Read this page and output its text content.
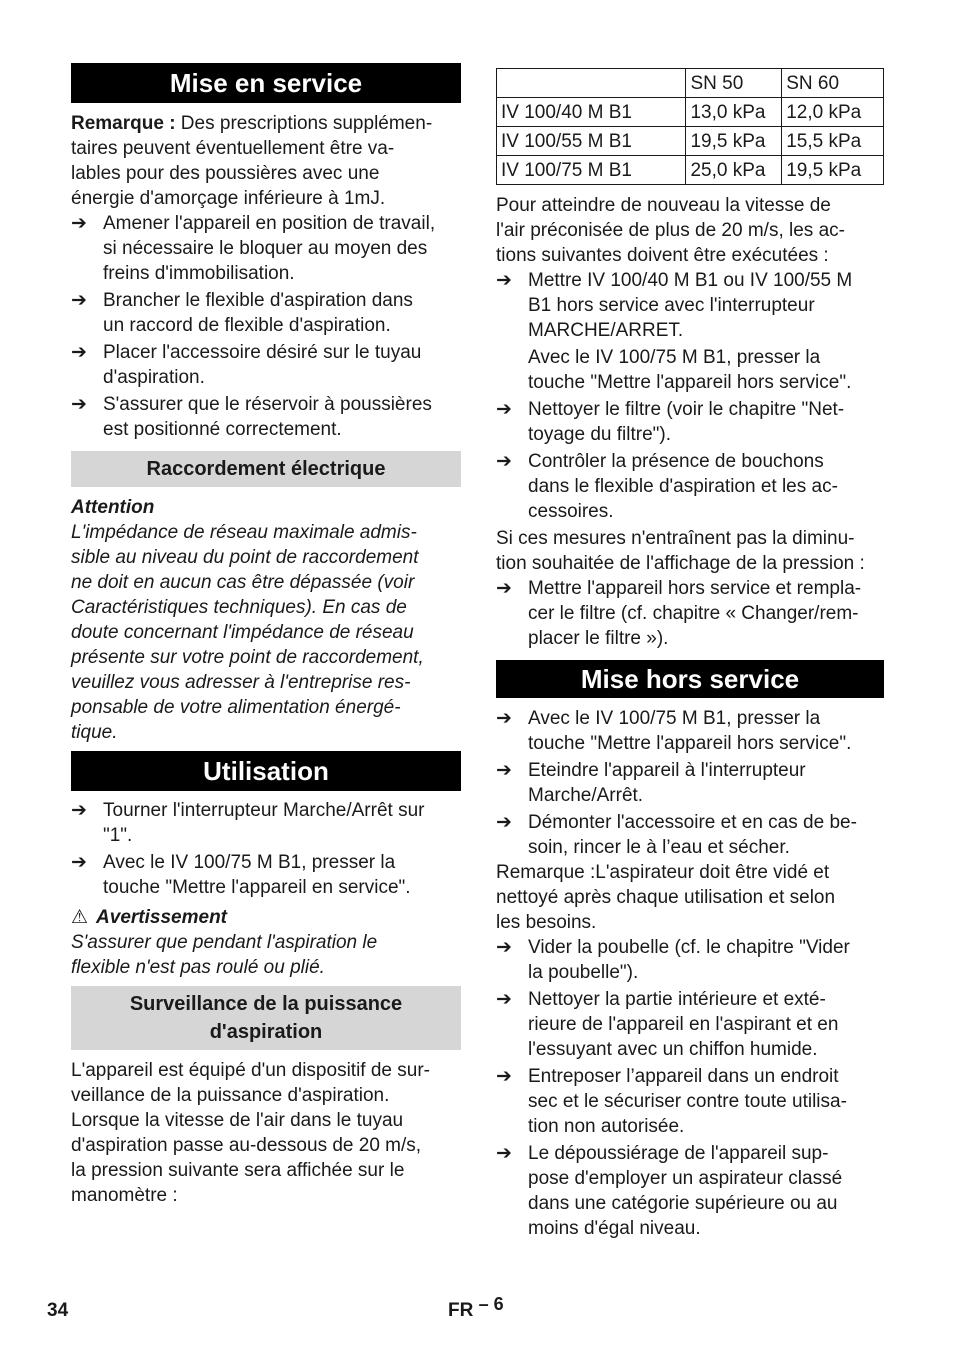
Mise en service

Remarque : Des prescriptions supplémen-
taires peuvent éventuellement être va-
lables pour des poussières avec une
énergie d'amorçage inférieure à 1mJ.

➔ Amener l'appareil en position de travail,
si nécessaire le bloquer au moyen des
freins d'immobilisation.
➔ Brancher le flexible d'aspiration dans
un raccord de flexible d'aspiration.
➔ Placer l'accessoire désiré sur le tuyau
d'aspiration.
➔ S'assurer que le réservoir à poussières
est positionné correctement.
Raccordement électrique

Attention

L'impédance de réseau maximale admis-
sible au niveau du point de raccordement
ne doit en aucun cas être dépassée (voir
Caractéristiques techniques). En cas de
doute concernant l'impédance de réseau
présente sur votre point de raccordement,
veuillez vous adresser à l'entreprise res-
ponsable de votre alimentation énergé-
tique.

Utilisation
➔ Tourner l'interrupteur Marche/Arrêt sur
"1".
➔ Avec le IV 100/75 M B1, presser la
touche "Mettre l'appareil en service".

⚠ Avertissement

S'assurer que pendant l'aspiration le
flexible n'est pas roulé ou plié.

Surveillance de la puissance
d'aspiration

L'appareil est équipé d'un dispositif de sur-
veillance de la puissance d'aspiration.
Lorsque la vitesse de l'air dans le tuyau
d'aspiration passe au-dessous de 20 m/s,
la pression suivante sera affichée sur le
manomètre :

	SN 50	SN 60
IV 100/40 M B1	13,0 kPa	12,0 kPa
IV 100/55 M B1	19,5 kPa	15,5 kPa
IV 100/75 M B1	25,0 kPa	19,5 kPa

Pour atteindre de nouveau la vitesse de
l'air préconisée de plus de 20 m/s, les ac-
tions suivantes doivent être exécutées :

➔ Mettre IV 100/40 M B1 ou IV 100/55 M
B1 hors service avec l'interrupteur
MARCHE/ARRET.
Avec le IV 100/75 M B1, presser la
touche "Mettre l'appareil hors service".
➔ Nettoyer le filtre (voir le chapitre "Net-
toyage du filtre").
➔ Contrôler la présence de bouchons
dans le flexible d'aspiration et les ac-
cessoires.

Si ces mesures n'entraînent pas la diminu-
tion souhaitée de l'affichage de la pression :

➔ Mettre l'appareil hors service et rempla-
cer le filtre (cf. chapitre « Changer/rem-
placer le filtre »).
Mise hors service
➔ Avec le IV 100/75 M B1, presser la
touche "Mettre l'appareil hors service".
➔ Eteindre l'appareil à l'interrupteur
Marche/Arrêt.
➔ Démonter l'accessoire et en cas de be-
soin, rincer le à l’eau et sécher.

Remarque :L'aspirateur doit être vidé et
nettoyé après chaque utilisation et selon
les besoins.

➔ Vider la poubelle (cf. le chapitre "Vider
la poubelle").
➔ Nettoyer la partie intérieure et exté-
rieure de l'appareil en l'aspirant et en
l'essuyant avec un chiffon humide.
➔ Entreposer l’appareil dans un endroit
sec et le sécuriser contre toute utilisa-
tion non autorisée.
➔ Le dépoussiérage de l'appareil sup-
pose d'employer un aspirateur classé
dans une catégorie supérieure ou au
moins d'égal niveau.
34	FR – 6
